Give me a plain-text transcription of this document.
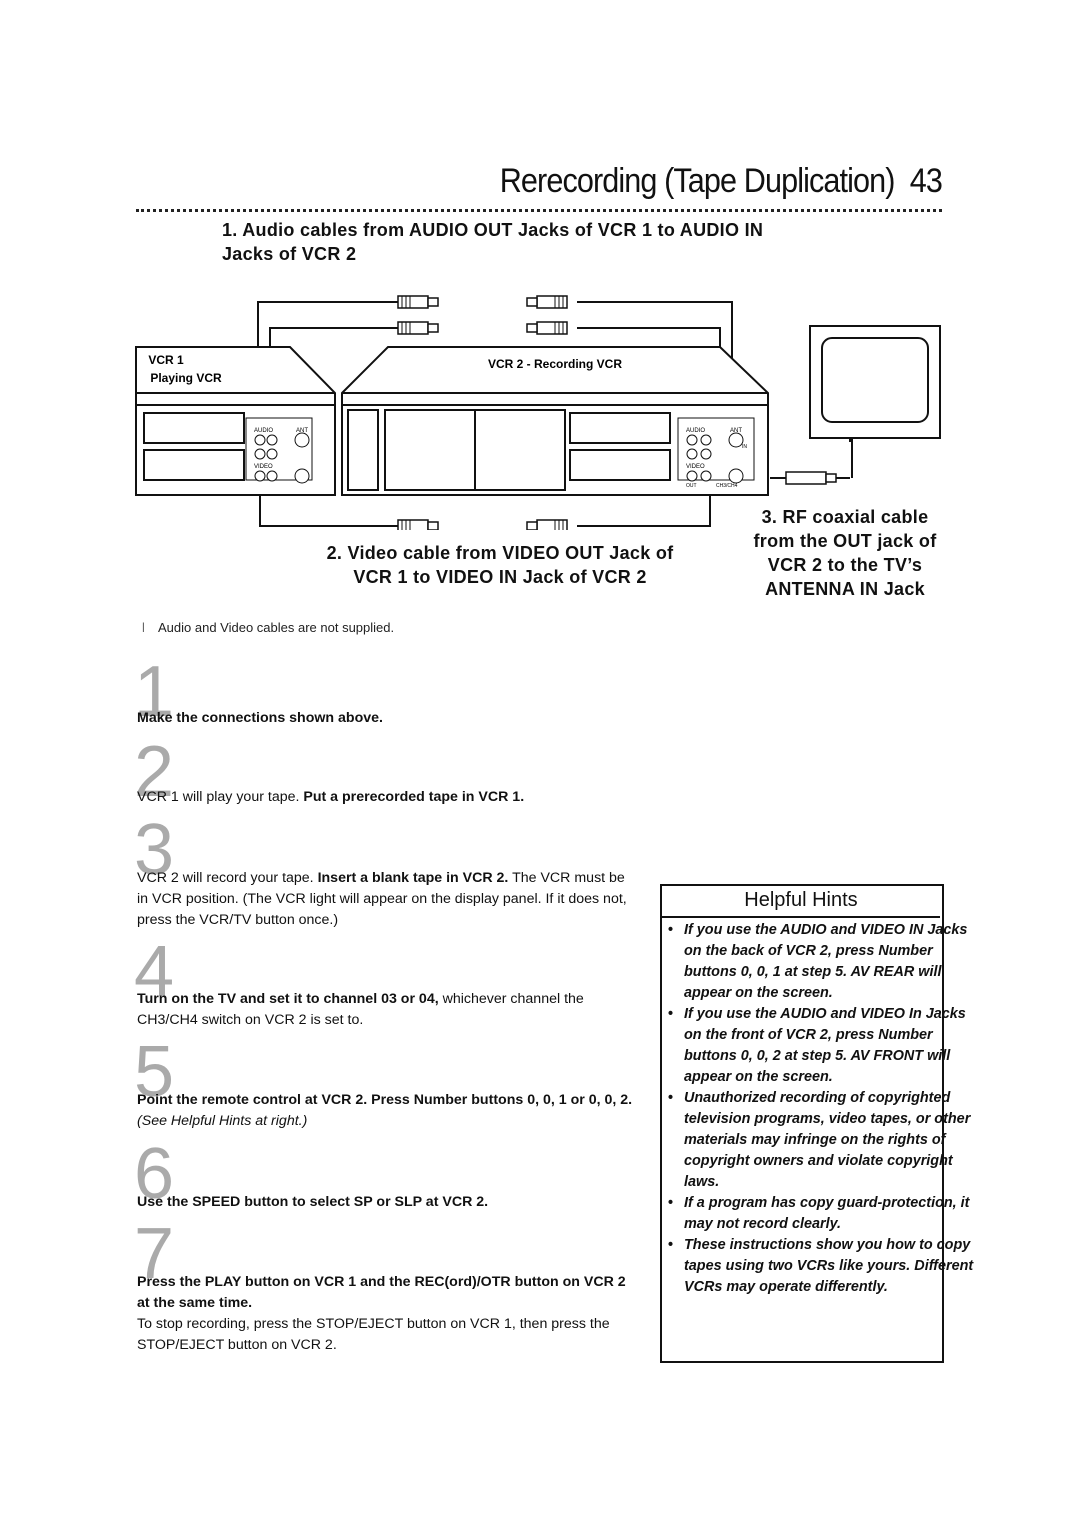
Rerecording (Tape Duplication) 43
1. Audio cables from AUDIO OUT Jacks of VCR 1 to AUDIO IN Jacks of VCR 2
VCR 1
Playing VCR
VCR 2 - Recording VCR
AUDIO	ANT
VIDEO
AUDIO	ANT
VIDEO
CH3/CH4
OUT
IN
2. Video cable from VIDEO OUT Jack of VCR 1 to VIDEO IN Jack of VCR 2
3. RF coaxial cable from the OUT jack of VCR 2 to the TV’s ANTENNA IN Jack
l Audio and Video cables are not supplied.
1
Make the connections shown above.
2
VCR 1 will play your tape. Put a prerecorded tape in VCR 1.
3
VCR 2 will record your tape. Insert a blank tape in VCR 2. The VCR must be in VCR position. (The VCR light will appear on the display panel. If it does not, press the VCR/TV button once.)
4
Turn on the TV and set it to channel 03 or 04, whichever channel the CH3/CH4 switch on VCR 2 is set to.
5
Point the remote control at VCR 2. Press Number buttons 0, 0, 1 or 0, 0, 2. (See Helpful Hints at right.)
6
Use the SPEED button to select SP or SLP at VCR 2.
7
Press the PLAY button on VCR 1 and the REC(ord)/OTR button on VCR 2 at the same time.
To stop recording, press the STOP/EJECT button on VCR 1, then press the STOP/EJECT button on VCR 2.
Helpful Hints
• If you use the AUDIO and VIDEO IN Jacks on the back of VCR 2, press Number buttons 0, 0, 1 at step 5. AV REAR will appear on the screen.
• If you use the AUDIO and VIDEO In Jacks on the front of VCR 2, press Number buttons 0, 0, 2 at step 5. AV FRONT will appear on the screen.
• Unauthorized recording of copyrighted television programs, video tapes, or other materials may infringe on the rights of copyright owners and violate copyright laws.
• If a program has copy guard-protection, it may not record clearly.
• These instructions show you how to copy tapes using two VCRs like yours. Different VCRs may operate differently.
